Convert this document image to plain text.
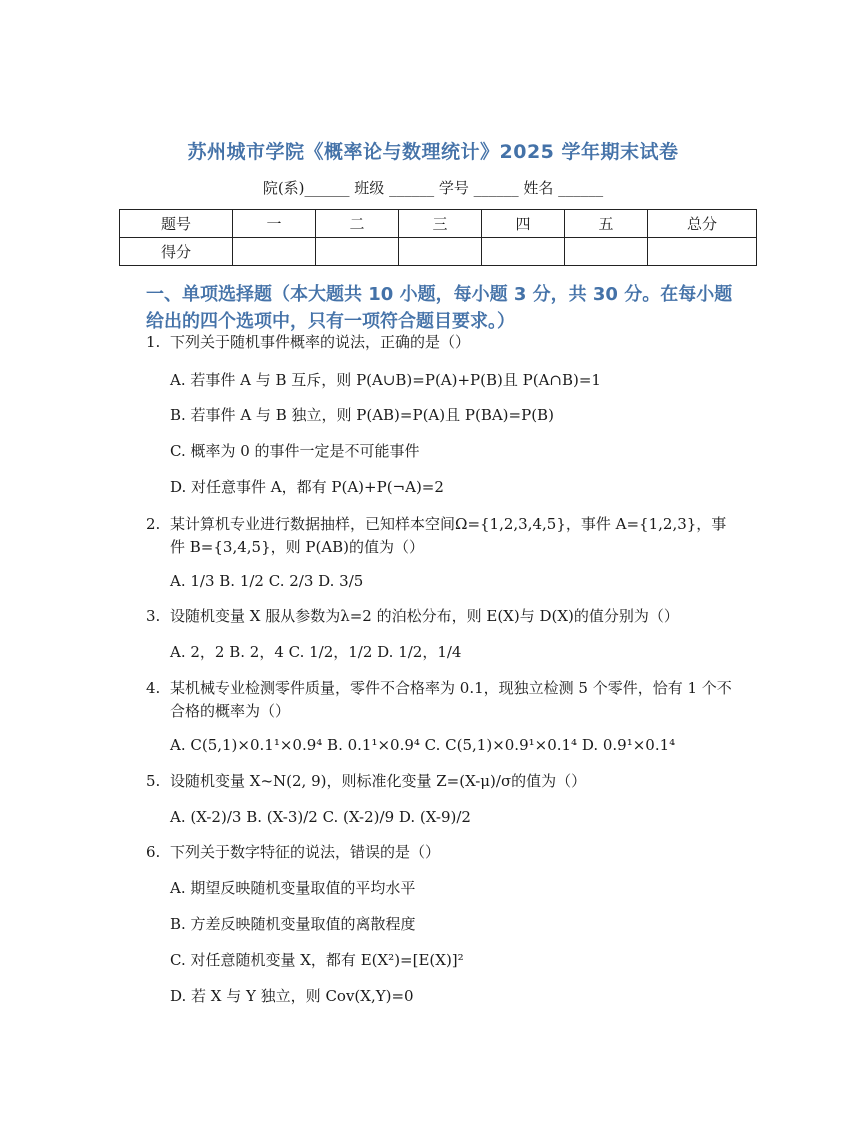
苏州城市学院《概率论与数理统计》2025 学年期末试卷
院(系)______ 班级 ______ 学号 ______ 姓名 ______
题号	一	二	三	四	五	总分
得分						
一、单项选择题（本大题共 10 小题，每小题 3 分，共 30 分。在每小题给出的四个选项中，只有一项符合题目要求。）
1. 下列关于随机事件概率的说法，正确的是（）
A. 若事件 A 与 B 互斥，则 P(A∪B)=P(A)+P(B)且 P(A∩B)=1
B. 若事件 A 与 B 独立，则 P(AB)=P(A)且 P(BA)=P(B)
C. 概率为 0 的事件一定是不可能事件
D. 对任意事件 A，都有 P(A)+P(¬A)=2
2. 某计算机专业进行数据抽样，已知样本空间Ω={1,2,3,4,5}，事件 A={1,2,3}，事件 B={3,4,5}，则 P(AB)的值为（）
A. 1/3 B. 1/2 C. 2/3 D. 3/5
3. 设随机变量 X 服从参数为λ=2 的泊松分布，则 E(X)与 D(X)的值分别为（）
A. 2，2 B. 2，4 C. 1/2，1/2 D. 1/2，1/4
4. 某机械专业检测零件质量，零件不合格率为 0.1，现独立检测 5 个零件，恰有 1 个不合格的概率为（）
A. C(5,1)×0.1¹×0.9⁴ B. 0.1¹×0.9⁴ C. C(5,1)×0.9¹×0.1⁴ D. 0.9¹×0.1⁴
5. 设随机变量 X~N(2, 9)，则标准化变量 Z=(X-μ)/σ的值为（）
A. (X-2)/3 B. (X-3)/2 C. (X-2)/9 D. (X-9)/2
6. 下列关于数字特征的说法，错误的是（）
A. 期望反映随机变量取值的平均水平
B. 方差反映随机变量取值的离散程度
C. 对任意随机变量 X，都有 E(X²)=[E(X)]²
D. 若 X 与 Y 独立，则 Cov(X,Y)=0
